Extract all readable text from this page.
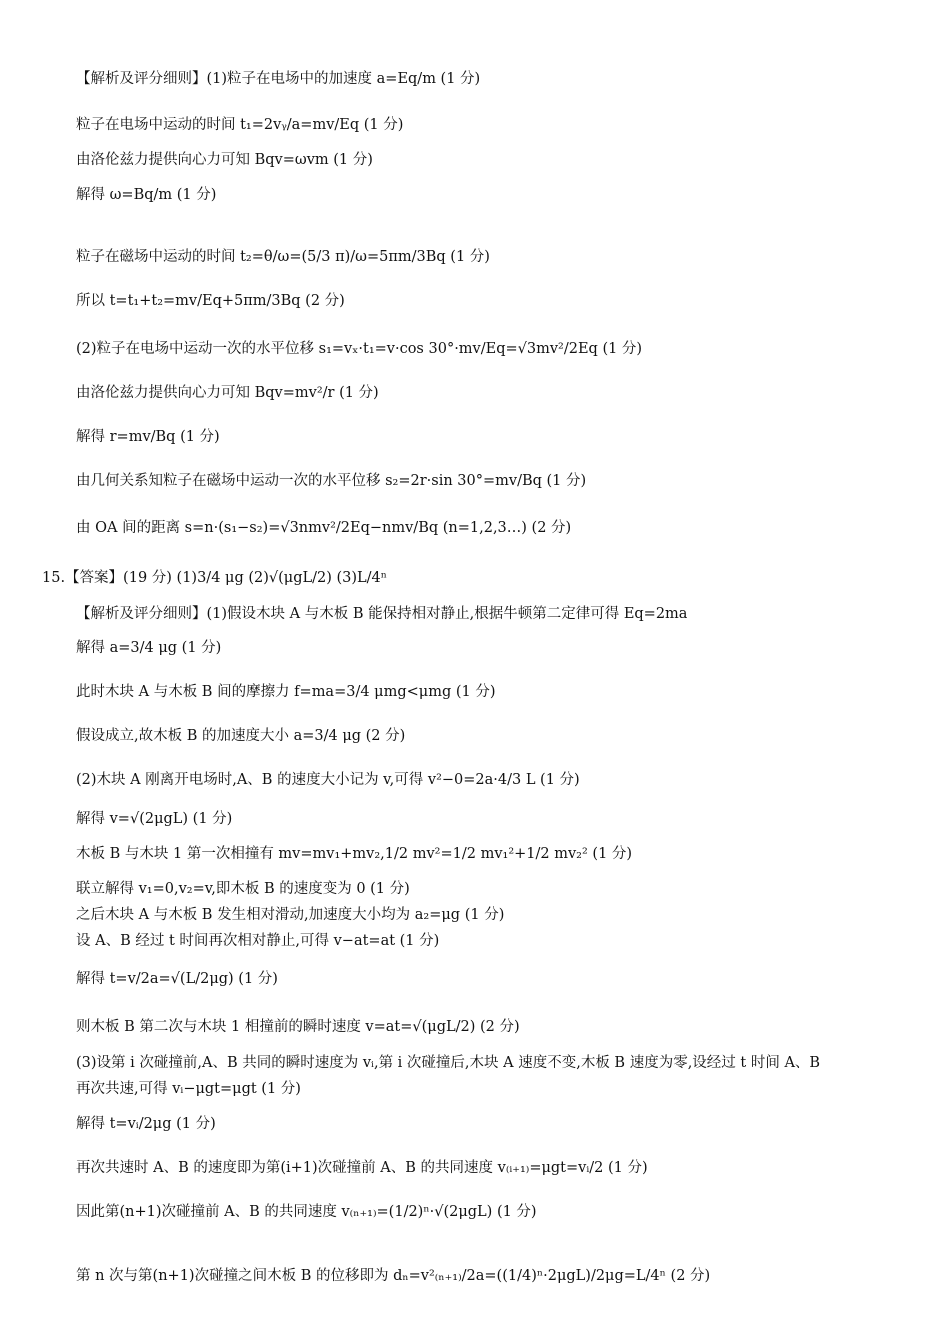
【解析及评分细则】(1)粒子在电场中的加速度 a=Eq/m (1 分)
粒子在电场中运动的时间 t₁=2vᵧ/a=mv/Eq (1 分)
由洛伦兹力提供向心力可知 Bqv=ωvm (1 分)
解得 ω=Bq/m (1 分)
粒子在磁场中运动的时间 t₂=θ/ω=(5/3 π)/ω=5πm/3Bq (1 分)
所以 t=t₁+t₂=mv/Eq+5πm/3Bq (2 分)
(2)粒子在电场中运动一次的水平位移 s₁=vₓ·t₁=v·cos 30°·mv/Eq=√3mv²/2Eq (1 分)
由洛伦兹力提供向心力可知 Bqv=mv²/r (1 分)
解得 r=mv/Bq (1 分)
由几何关系知粒子在磁场中运动一次的水平位移 s₂=2r·sin 30°=mv/Bq (1 分)
由 OA 间的距离 s=n·(s₁−s₂)=√3nmv²/2Eq−nmv/Bq (n=1,2,3…) (2 分)
15.【答案】(19 分) (1)3/4 μg (2)√(μgL/2) (3)L/4ⁿ
【解析及评分细则】(1)假设木块 A 与木板 B 能保持相对静止,根据牛顿第二定律可得 Eq=2ma
解得 a=3/4 μg (1 分)
此时木块 A 与木板 B 间的摩擦力 f=ma=3/4 μmg<μmg (1 分)
假设成立,故木板 B 的加速度大小 a=3/4 μg (2 分)
(2)木块 A 刚离开电场时,A、B 的速度大小记为 v,可得 v²−0=2a·4/3 L (1 分)
解得 v=√(2μgL) (1 分)
木板 B 与木块 1 第一次相撞有 mv=mv₁+mv₂,1/2 mv²=1/2 mv₁²+1/2 mv₂² (1 分)
联立解得 v₁=0,v₂=v,即木板 B 的速度变为 0 (1 分)
之后木块 A 与木板 B 发生相对滑动,加速度大小均为 a₂=μg (1 分)
设 A、B 经过 t 时间再次相对静止,可得 v−at=at (1 分)
解得 t=v/2a=√(L/2μg) (1 分)
则木板 B 第二次与木块 1 相撞前的瞬时速度 v=at=√(μgL/2) (2 分)
(3)设第 i 次碰撞前,A、B 共同的瞬时速度为 vᵢ,第 i 次碰撞后,木块 A 速度不变,木板 B 速度为零,设经过 t 时间 A、B
再次共速,可得 vᵢ−μgt=μgt (1 分)
解得 t=vᵢ/2μg (1 分)
再次共速时 A、B 的速度即为第(i+1)次碰撞前 A、B 的共同速度 v₍ᵢ₊₁₎=μgt=vᵢ/2 (1 分)
因此第(n+1)次碰撞前 A、B 的共同速度 v₍ₙ₊₁₎=(1/2)ⁿ·√(2μgL) (1 分)
第 n 次与第(n+1)次碰撞之间木板 B 的位移即为 dₙ=v²₍ₙ₊₁₎/2a=((1/4)ⁿ·2μgL)/2μg=L/4ⁿ (2 分)
